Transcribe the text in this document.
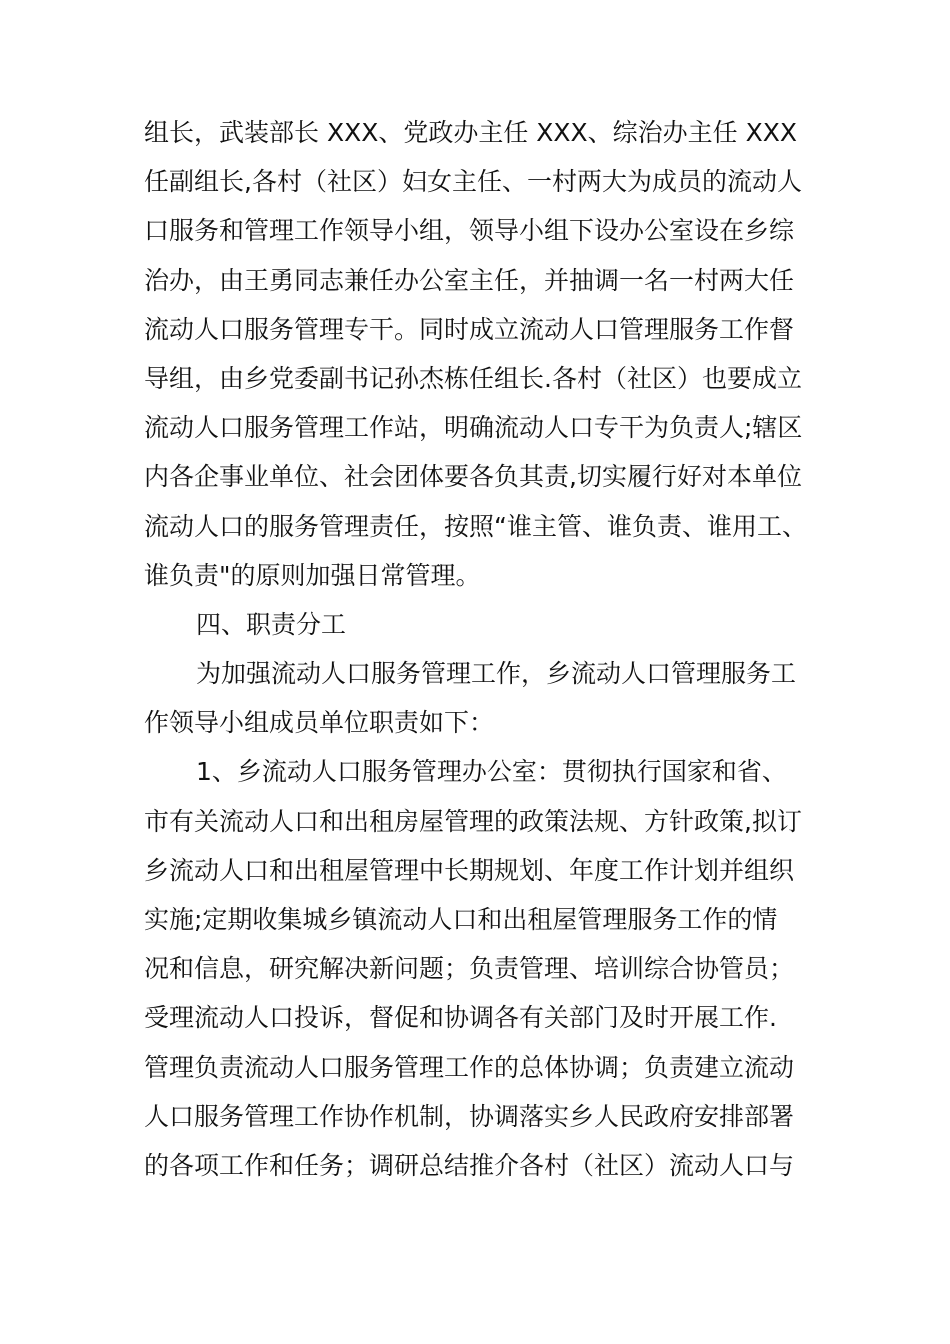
组长，武装部长 XXX、党政办主任 XXX、综治办主任 XXX
任副组长,各村（社区）妇女主任、一村两大为成员的流动人
口服务和管理工作领导小组，领导小组下设办公室设在乡综
治办，由王勇同志兼任办公室主任，并抽调一名一村两大任
流动人口服务管理专干。同时成立流动人口管理服务工作督
导组，由乡党委副书记孙杰栋任组长.各村（社区）也要成立
流动人口服务管理工作站，明确流动人口专干为负责人;辖区
内各企事业单位、社会团体要各负其责,切实履行好对本单位
流动人口的服务管理责任，按照“谁主管、谁负责、谁用工、
谁负责"的原则加强日常管理。
四、职责分工
为加强流动人口服务管理工作，乡流动人口管理服务工
作领导小组成员单位职责如下：
1、乡流动人口服务管理办公室：贯彻执行国家和省、
市有关流动人口和出租房屋管理的政策法规、方针政策,拟订
乡流动人口和出租屋管理中长期规划、年度工作计划并组织
实施;定期收集城乡镇流动人口和出租屋管理服务工作的情
况和信息，研究解决新问题；负责管理、培训综合协管员；
受理流动人口投诉，督促和协调各有关部门及时开展工作.
管理负责流动人口服务管理工作的总体协调；负责建立流动
人口服务管理工作协作机制，协调落实乡人民政府安排部署
的各项工作和任务；调研总结推介各村（社区）流动人口与
